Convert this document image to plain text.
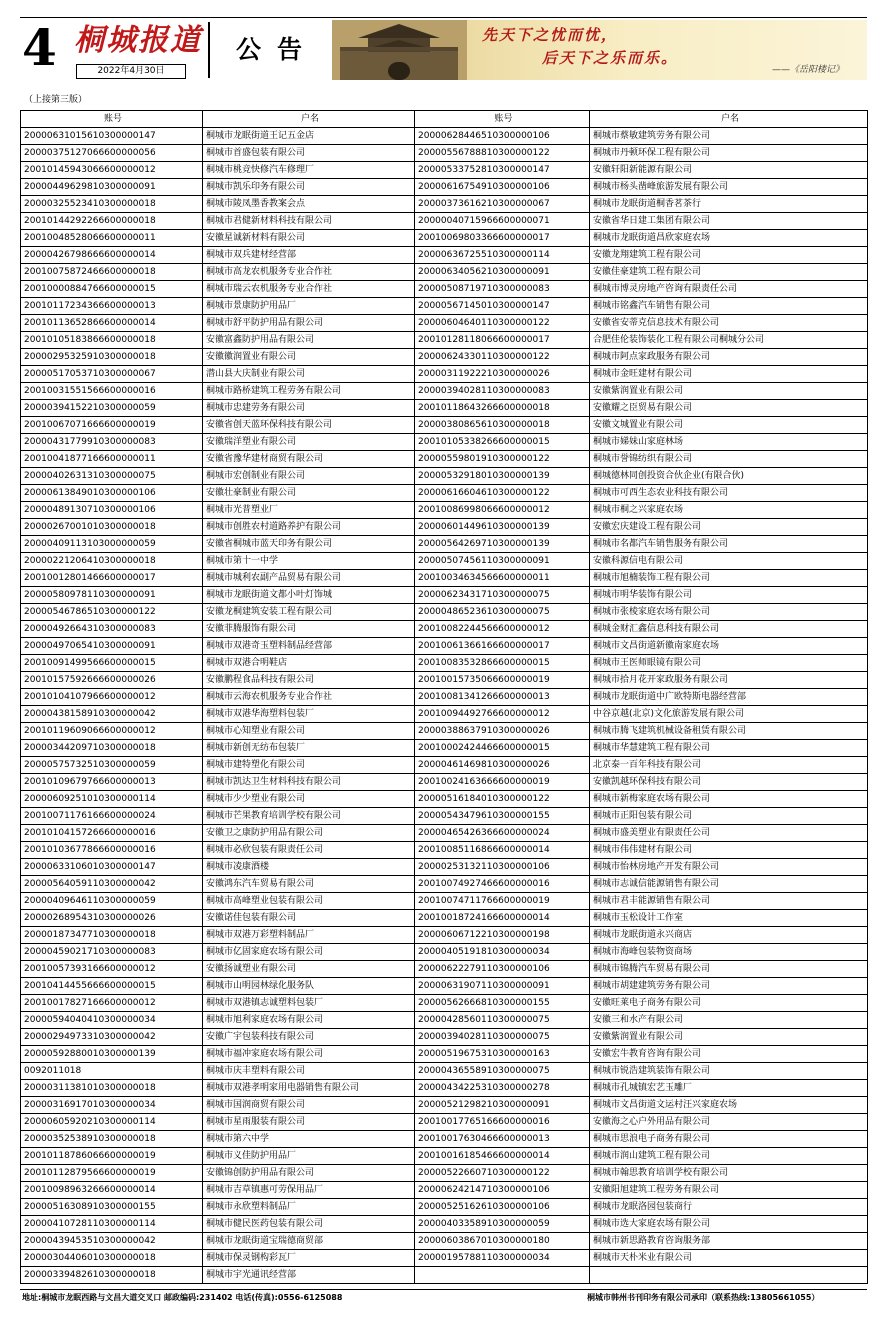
4 桐城报道
2022年4月30日
公告	先天下之忧而忧，
后天下之乐而乐。
——《岳阳楼记》
（上接第三版）
账号	户名	账号	户名
20000631015610300000147	桐城市龙眠街道王记五金店	20000628446510300000106	桐城市蔡敏建筑劳务有限公司
20000375127066600000056	桐城市首盛包装有限公司	20000556788810300000122	桐城市丹顿环保工程有限公司
20010145943066600000012	桐城市桃竞快修汽车修理厂	20000533752810300000147	安徽轩阳新能源有限公司
20000449629810300000091	桐城市凯乐印务有限公司	20000616754910300000106	桐城市杨头凿峰旅游发展有限公司
20000325523410300000018	桐城市陵凤墨香教案会点	20000373616210300000067	桐城市龙眠街道桐香茗茶行
20010144292266600000018	桐城市君健新材料科技有限公司	20000040715966600000071	安徽省华日建工集团有限公司
20010048528066600000011	安徽星诚新材料有限公司	20010069803366600000017	桐城市龙眠街道昌欣家庭农场
20000426798666600000014	桐城市双兵建材经营部	20000636725510300000114	安徽龙翔建筑工程有限公司
20010075872466600000018	桐城市高龙农机服务专业合作社	20000634056210300000091	安徽佳豪建筑工程有限公司
20010000884766600000015	桐城市瑞云农机服务专业合作社	20000508719710300000083	桐城市博灵房地产咨询有限责任公司
20010117234366600000013	桐城市景康防护用品厂	20000567145010300000147	桐城市铭鑫汽车销售有限公司
20010113652866600000014	桐城市舒平防护用品有限公司	20000604640110300000122	安徽省安蒂克信息技术有限公司
20010105183866600000018	安徽富鑫防护用品有限公司	20010128118066600000017	合肥佳伦装饰装化工程有限公司桐城分公司
20000295325910300000018	安徽徽润置业有限公司	20000624330110300000122	桐城市阿点家政服务有限公司
20000517053710300000067	潜山县大庆制业有限公司	20000311922210300000026	桐城市金旺建材有限公司
20010031551566600000016	桐城市路桥建筑工程劳务有限公司	20000394028110300000083	安徽紫润置业有限公司
20000394152210300000059	桐城市忠建劳务有限公司	20010118643266600000018	安徽耀之臣贸易有限公司
20010067071666600000019	安徽省创天蓝环保科技有限公司	20000380865610300000018	安徽文城置业有限公司
20000431779910300000083	安徽瑞洋塑业有限公司	20010105338266600000015	桐城市娣妹山家庭林场
20010041877166600000011	安徽省豫华建材商贸有限公司	20000559801910300000122	桐城市誉锦纺织有限公司
20000402631310300000075	桐城市宏创制业有限公司	20000532918010300000139	桐城德林同创投资合伙企业(有限合伙)
20000613849010300000106	安徽壮豪制业有限公司	20000616604610300000122	桐城市可西生态农业科技有限公司
20000489130710300000106	桐城市光普塑业厂	20010086998066600000012	桐城市桐之兴家庭农场
20000267001010300000018	桐城市创胜农村道路养护有限公司	20000601449610300000139	安徽宏庆建设工程有限公司
20000409113103000000059	安徽省桐城市蓝天印务有限公司	20000564269710300000139	桐城市名都汽车销售服务有限公司
20000221206410300000018	桐城市第十一中学	20000507456110300000091	安徽科源信电有限公司
20010012801466600000017	桐城市城利农副产品贸易有限公司	20010034634566600000011	桐城市旭楠装饰工程有限公司
20000580978110300000091	桐城市龙眠街道文都小叶灯饰城	20000623431710300000075	桐城市明华装饰有限公司
20000546786510300000122	安徽龙桐建筑安装工程有限公司	20000486523610300000075	桐城市张棱家庭农场有限公司
20000492664310300000083	安徽菲腾服饰有限公司	20010082244566600000012	桐城金财汇鑫信息科技有限公司
20000497065410300000091	桐城市双港奇玉塑料制品经营部	20010061366166600000017	桐城市文昌街道新徽南家庭农场
20010091499566600000015	桐城市双港合明鞋店	20010083532866600000015	桐城市王医师眼镜有限公司
20010157592666600000026	安徽鹏程食品科技有限公司	20010015735066600000019	桐城市拾月花开家政服务有限公司
20010104107966600000012	桐城市云海农机服务专业合作社	20010081341266600000013	桐城市龙眠街道中广欧特斯电器经营部
20000438158910300000042	桐城市双港华海塑料包装厂	20010094492766600000012	中谷京越(北京)文化旅游发展有限公司
20010119609066600000012	桐城市心知塑业有限公司	20000388637910300000026	桐城市腾飞建筑机械设备租赁有限公司
20000344209710300000018	桐城市新创无纺布包装厂	20010002424466600000015	桐城市华慧建筑工程有限公司
20000575732510300000059	桐城市建特塑化有限公司	20000461469810300000026	北京泰一百年科技有限公司
20010109679766600000013	桐城市凯达卫生材料科技有限公司	20010024163666600000019	安徽凯越环保科技有限公司
20000609251010300000114	桐城市少少塑业有限公司	20000516184010300000122	桐城市新梅家庭农场有限公司
20010071176166600000024	桐城市芒果教育培训学校有限公司	20000543479610300000155	桐城市正阳包装有限公司
20010104157266600000016	安徽卫之康防护用品有限公司	20000465426366600000024	桐城市盛美塑业有限责任公司
20010103677866600000016	桐城市必欣包装有限责任公司	20010085116866600000014	桐城市伟伟建材有限公司
20000633106010300000147	桐城市凌康酒楼	20000253132110300000106	桐城市怡林房地产开发有限公司
20000564059110300000042	安徽鸿东汽车贸易有限公司	20010074927466600000016	桐城市志诚信能源销售有限公司
20000409646110300000059	桐城市高峰塑业包装有限公司	20010074711766600000019	桐城市君丰能源销售有限公司
20000268954310300000026	安徽诺佳包装有限公司	20010018724166600000014	桐城市玉松设计工作室
20000187347710300000018	桐城市双港万彩塑料制品厂	20000606712210300000198	桐城市龙眠街道永兴商店
20000459021710300000083	桐城市亿固家庭农场有限公司	20000405191810300000034	桐城市海峰包装物资商场
20010057393166600000012	安徽扬诚塑业有限公司	20000622279110300000106	桐城市锦腾汽车贸易有限公司
20010414455666600000015	桐城市山明园林绿化服务队	20000631907110300000091	桐城市胡建建筑劳务有限公司
20010017827166600000012	桐城市双港镇志诚塑料包装厂	20000562666810300000155	安徽旺莱电子商务有限公司
20000594040410300000034	桐城市旭利家庭农场有限公司	20000428560110300000075	安徽三和水产有限公司
20000294973310300000042	安徽广宇包装科技有限公司	20000394028110300000075	安徽紫润置业有限公司
20000592880010300000139	桐城市福冲家庭农场有限公司	20000519675310300000163	安徽宏牛教育咨询有限公司
0092011018	桐城市庆丰塑料有限公司	20000436558910300000075	桐城市锐浩建筑装饰有限公司
20000311381010300000018	桐城市双港孝明家用电器销售有限公司	20000434225310300000278	桐城市孔城镇宏艺玉雕厂
20000316917010300000034	桐城市国润商贸有限公司	20000521298210300000091	桐城市文昌街道文运村汪兴家庭农场
20000605920210300000114	桐城市星雨服装有限公司	20010017765166600000016	安徽海之心户外用品有限公司
20000352538910300000018	桐城市第六中学	20010017630466600000013	桐城市思浪电子商务有限公司
20010118786066600000019	桐城市义佳防护用品厂	20010016185466600000014	桐城市润山建筑工程有限公司
20010112879566600000019	安徽锦创防护用品有限公司	20000522660710300000122	桐城市翰思教育培训学校有限公司
20010098963266600000014	桐城市吉草镇惠可劳保用品厂	20000624214710300000106	安徽阳旭建筑工程劳务有限公司
20000516308910300000155	桐城市永欣塑料制品厂	20000525162610300000106	桐城市龙眠洛园包装商行
20000410728110300000114	桐城市健民医药包装有限公司	20000403358910300000059	桐城市选大家庭农场有限公司
20000439453510300000042	桐城市龙眠街道宝瑞德商贸部	20000603867010300000180	桐城市新思路教育咨询服务部
20000304406010300000018	桐城市保灵钢构彩瓦厂	20000195788110300000034	桐城市天朴米业有限公司
20000339482610300000018	桐城市宇光通讯经营部		
地址:桐城市龙眠西路与文昌大道交叉口 邮政编码:231402 电话(传真):0556-6125088	桐城市韩州书刊印务有限公司承印（联系热线:13805661055）
